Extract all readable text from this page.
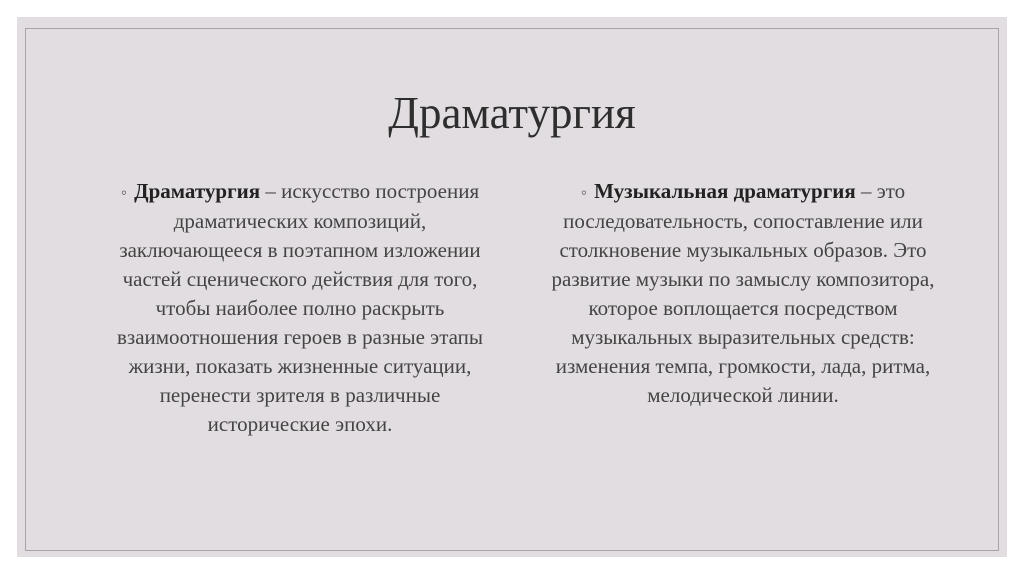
Драматургия
◦ Драматургия – искусство построения драматических композиций, заключающееся в поэтапном изложении частей сценического действия для того, чтобы наиболее полно раскрыть взаимоотношения героев в разные этапы жизни, показать жизненные ситуации, перенести зрителя в различные исторические эпохи.
◦ Музыкальная драматургия – это последовательность, сопоставление или столкновение музыкальных образов. Это развитие музыки по замыслу композитора, которое воплощается посредством музыкальных выразительных средств: изменения темпа, громкости, лада, ритма, мелодической линии.
